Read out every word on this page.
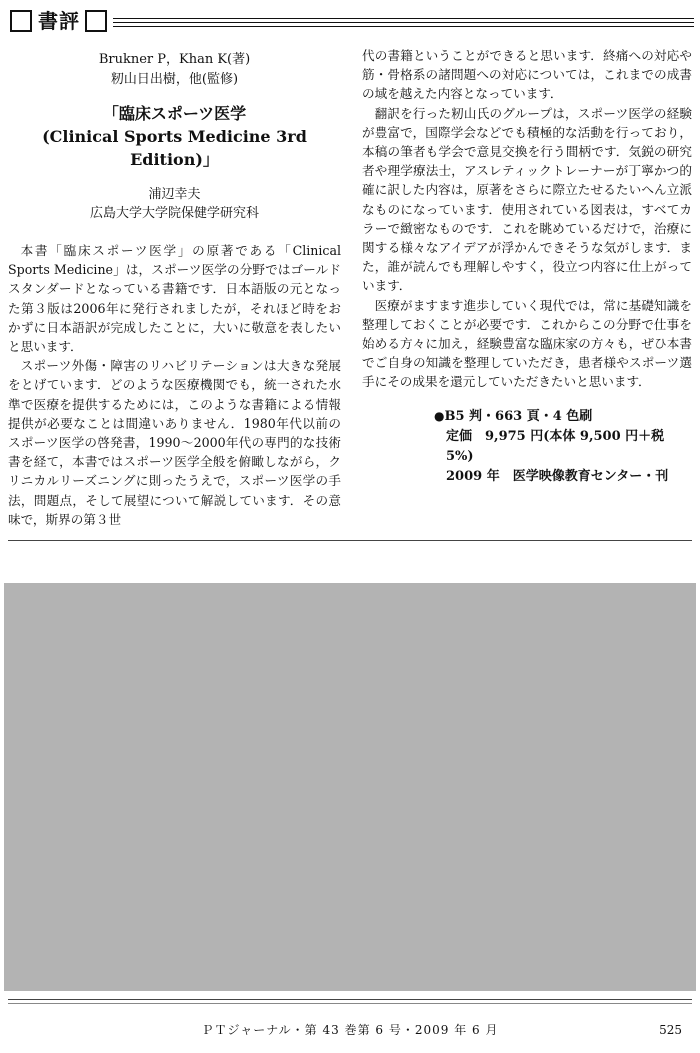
書評
Brukner P，Khan K(著)
籾山日出樹，他(監修)
「臨床スポーツ医学
(Clinical Sports Medicine 3rd Edition)」
浦辺幸夫
広島大学大学院保健学研究科

本書「臨床スポーツ医学」の原著である「Clinical Sports Medicine」は，スポーツ医学の分野ではゴールドスタンダードとなっている書籍です．日本語版の元となった第３版は2006年に発行されましたが，それほど時をおかずに日本語訳が完成したことに，大いに敬意を表したいと思います．

スポーツ外傷・障害のリハビリテーションは大きな発展をとげています．どのような医療機関でも，統一された水準で医療を提供するためには，このような書籍による情報提供が必要なことは間違いありません．1980年代以前のスポーツ医学の啓発書，1990〜2000年代の専門的な技術書を経て，本書ではスポーツ医学全般を俯瞰しながら，クリニカルリーズニングに則ったうえで，スポーツ医学の手法，問題点，そして展望について解説しています．その意味で，斯界の第３世

代の書籍ということができると思います．終痛への対応や筋・骨格系の諸問題への対応については，これまでの成書の域を越えた内容となっています．

翻訳を行った籾山氏のグループは，スポーツ医学の経験が豊富で，国際学会などでも積極的な活動を行っており，本稿の筆者も学会で意見交換を行う間柄です．気鋭の研究者や理学療法士，アスレティックトレーナーが丁寧かつ的確に訳した内容は，原著をさらに際立たせるたいへん立派なものになっています．使用されている図表は，すべてカラーで緻密なものです．これを眺めているだけで，治療に関する様々なアイデアが浮かんできそうな気がします．また，誰が読んでも理解しやすく，役立つ内容に仕上がっています．

医療がますます進歩していく現代では，常に基礎知識を整理しておくことが必要です．これからこの分野で仕事を始める方々に加え，経験豊富な臨床家の方々も，ぜひ本書でご自身の知識を整理していただき，患者様やスポーツ選手にその成果を還元していただきたいと思います．

●B5 判・663 頁・4 色刷
定価　9,975 円(本体 9,500 円＋税 5%)
2009 年　医学映像教育センター・刊
ＰＴジャーナル・第 43 巻第 6 号・2009 年 6 月	525
